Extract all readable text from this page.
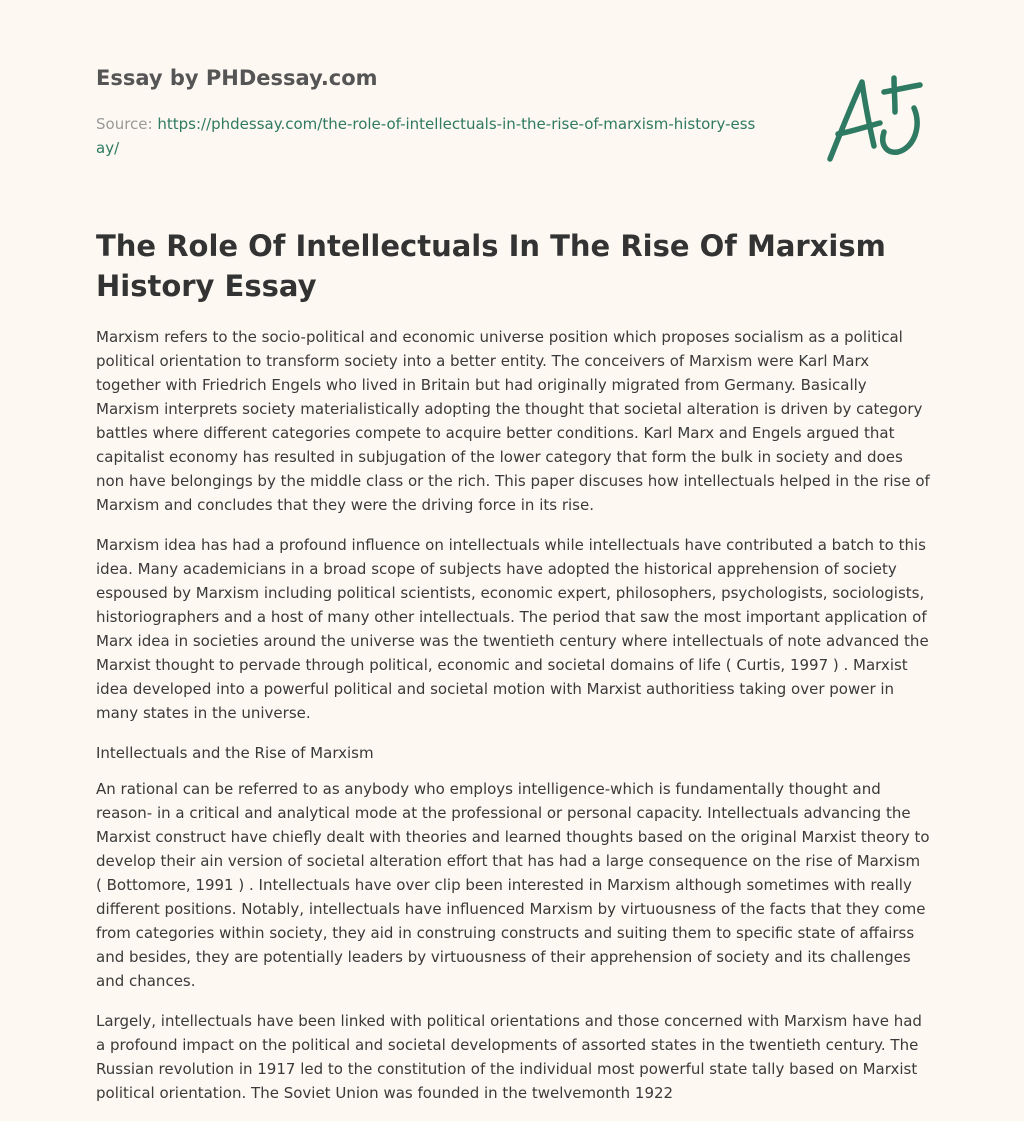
Essay by PHDessay.com
Source: https://phdessay.com/the-role-of-intellectuals-in-the-rise-of-marxism-history-essay/
The Role Of Intellectuals In The Rise Of Marxism History Essay

Marxism refers to the socio-political and economic universe position which proposes socialism as a political political orientation to transform society into a better entity. The conceivers of Marxism were Karl Marx together with Friedrich Engels who lived in Britain but had originally migrated from Germany. Basically Marxism interprets society materialistically adopting the thought that societal alteration is driven by category battles where different categories compete to acquire better conditions. Karl Marx and Engels argued that capitalist economy has resulted in subjugation of the lower category that form the bulk in society and does non have belongings by the middle class or the rich. This paper discuses how intellectuals helped in the rise of Marxism and concludes that they were the driving force in its rise.

Marxism idea has had a profound influence on intellectuals while intellectuals have contributed a batch to this idea. Many academicians in a broad scope of subjects have adopted the historical apprehension of society espoused by Marxism including political scientists, economic expert, philosophers, psychologists, sociologists, historiographers and a host of many other intellectuals. The period that saw the most important application of Marx idea in societies around the universe was the twentieth century where intellectuals of note advanced the Marxist thought to pervade through political, economic and societal domains of life ( Curtis, 1997 ) . Marxist idea developed into a powerful political and societal motion with Marxist authoritiess taking over power in many states in the universe.

Intellectuals and the Rise of Marxism

An rational can be referred to as anybody who employs intelligence-which is fundamentally thought and reason- in a critical and analytical mode at the professional or personal capacity. Intellectuals advancing the Marxist construct have chiefly dealt with theories and learned thoughts based on the original Marxist theory to develop their ain version of societal alteration effort that has had a large consequence on the rise of Marxism ( Bottomore, 1991 ) . Intellectuals have over clip been interested in Marxism although sometimes with really different positions. Notably, intellectuals have influenced Marxism by virtuousness of the facts that they come from categories within society, they aid in construing constructs and suiting them to specific state of affairss and besides, they are potentially leaders by virtuousness of their apprehension of society and its challenges and chances.

Largely, intellectuals have been linked with political orientations and those concerned with Marxism have had a profound impact on the political and societal developments of assorted states in the twentieth century. The Russian revolution in 1917 led to the constitution of the individual most powerful state tally based on Marxist political orientation. The Soviet Union was founded in the twelvemonth 1922
